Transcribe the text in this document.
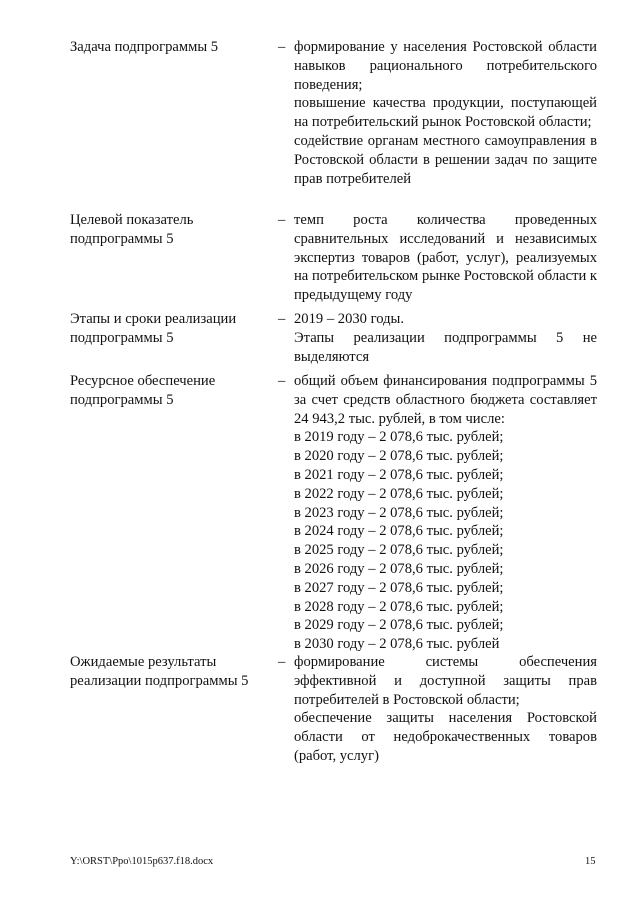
Задача подпрограммы 5	– формирование у населения Ростовской области навыков рационального потребительского поведения;
повышение качества продукции, поступающей на потребительский рынок Ростовской области;
содействие органам местного самоуправления в Ростовской области в решении задач по защите прав потребителей
Целевой показатель
подпрограммы 5
– темп роста количества проведенных сравнительных исследований и независимых экспертиз товаров (работ, услуг), реализуемых на потребительском рынке Ростовской области к предыдущему году
Этапы и сроки реализации
подпрограммы 5
– 2019 – 2030 годы.
Этапы реализации подпрограммы 5 не выделяются
Ресурсное обеспечение
подпрограммы 5
– общий объем финансирования подпрограммы 5 за счет средств областного бюджета составляет 24 943,2 тыс. рублей, в том числе:
в 2019 году – 2 078,6 тыс. рублей;
в 2020 году – 2 078,6 тыс. рублей;
в 2021 году – 2 078,6 тыс. рублей;
в 2022 году – 2 078,6 тыс. рублей;
в 2023 году – 2 078,6 тыс. рублей;
в 2024 году – 2 078,6 тыс. рублей;
в 2025 году – 2 078,6 тыс. рублей;
в 2026 году – 2 078,6 тыс. рублей;
в 2027 году – 2 078,6 тыс. рублей;
в 2028 году – 2 078,6 тыс. рублей;
в 2029 году – 2 078,6 тыс. рублей;
в 2030 году – 2 078,6 тыс. рублей
Ожидаемые результаты
реализации подпрограммы 5
– формирование системы обеспечения эффективной и доступной защиты прав потребителей в Ростовской области;
обеспечение защиты населения Ростовской области от недоброкачественных товаров (работ, услуг)
Y:\ORST\Ppo\1015p637.f18.docx	15
